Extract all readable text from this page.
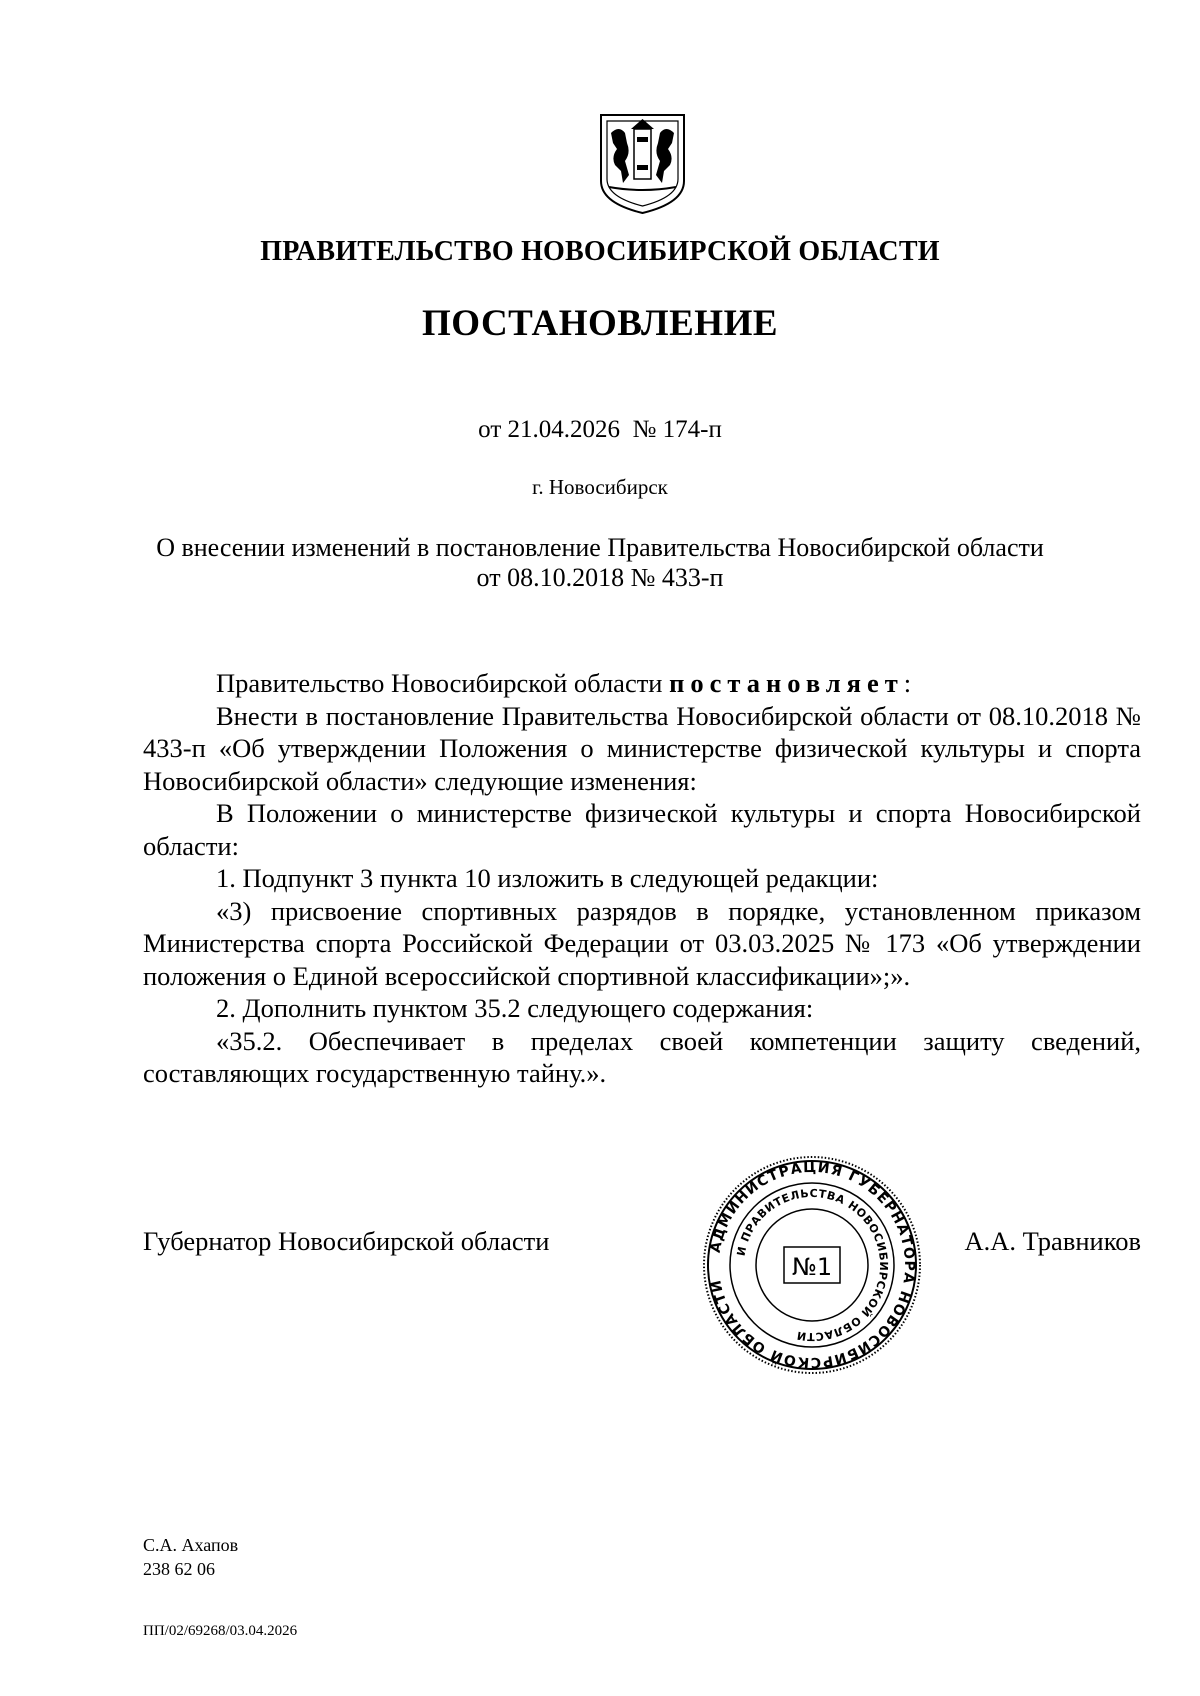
ПРАВИТЕЛЬСТВО НОВОСИБИРСКОЙ ОБЛАСТИ
ПОСТАНОВЛЕНИЕ
от 21.04.2026  № 174-п
г. Новосибирск
О внесении изменений в постановление Правительства Новосибирской области
от 08.10.2018 № 433-п

Правительство Новосибирской области постановляет:

Внести в постановление Правительства Новосибирской области от 08.10.2018 № 433-п «Об утверждении Положения о министерстве физической культуры и спорта Новосибирской области» следующие изменения:

В Положении о министерстве физической культуры и спорта Новосибирской области:

1. Подпункт 3 пункта 10 изложить в следующей редакции:

«3) присвоение спортивных разрядов в порядке, установленном приказом Министерства спорта Российской Федерации от 03.03.2025 № 173 «Об утверждении положения о Единой всероссийской спортивной классификации»;».

2. Дополнить пунктом 35.2 следующего содержания:

«35.2. Обеспечивает в пределах своей компетенции защиту сведений, составляющих государственную тайну.».

Губернатор Новосибирской области	АДМИНИСТРАЦИЯ ГУБЕРНАТОРА НОВОСИБИРСКОЙ ОБЛАСТИ
И ПРАВИТЕЛЬСТВА НОВОСИБИРСКОЙ ОБЛАСТИ
№1
А.А. Травников
С.А. Ахапов
238 62 06
ПП/02/69268/03.04.2026
